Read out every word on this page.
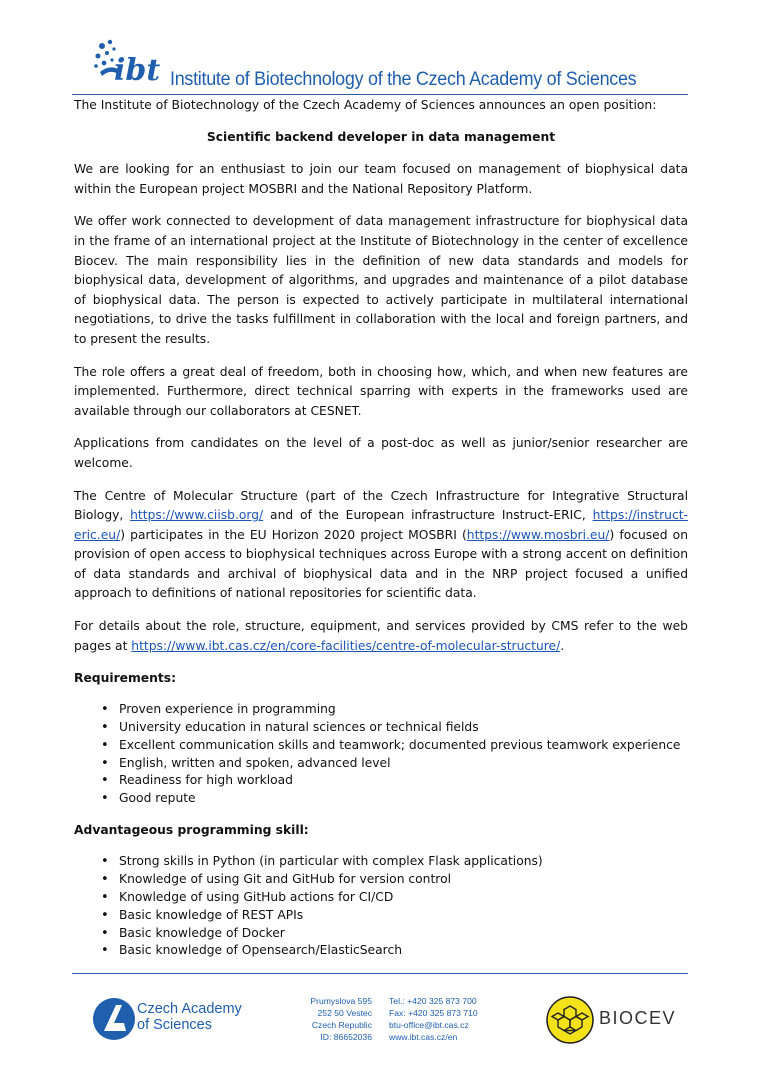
ibt Institute of Biotechnology of the Czech Academy of Sciences

The Institute of Biotechnology of the Czech Academy of Sciences announces an open position:

Scientific backend developer in data management

We are looking for an enthusiast to join our team focused on management of biophysical data within the European project MOSBRI and the National Repository Platform.

We offer work connected to development of data management infrastructure for biophysical data in the frame of an international project at the Institute of Biotechnology in the center of excellence Biocev. The main responsibility lies in the definition of new data standards and models for biophysical data, development of algorithms, and upgrades and maintenance of a pilot database of biophysical data. The person is expected to actively participate in multilateral international negotiations, to drive the tasks fulfillment in collaboration with the local and foreign partners, and to present the results.

The role offers a great deal of freedom, both in choosing how, which, and when new features are implemented. Furthermore, direct technical sparring with experts in the frameworks used are available through our collaborators at CESNET.

Applications from candidates on the level of a post-doc as well as junior/senior researcher are welcome.

The Centre of Molecular Structure (part of the Czech Infrastructure for Integrative Structural Biology, https://www.ciisb.org/ and of the European infrastructure Instruct-ERIC, https://instruct-eric.eu/) participates in the EU Horizon 2020 project MOSBRI (https://www.mosbri.eu/) focused on provision of open access to biophysical techniques across Europe with a strong accent on definition of data standards and archival of biophysical data and in the NRP project focused a unified approach to definitions of national repositories for scientific data.

For details about the role, structure, equipment, and services provided by CMS refer to the web pages at https://www.ibt.cas.cz/en/core-facilities/centre-of-molecular-structure/.

Requirements:

• Proven experience in programming
• University education in natural sciences or technical fields
• Excellent communication skills and teamwork; documented previous teamwork experience
• English, written and spoken, advanced level
• Readiness for high workload
• Good repute

Advantageous programming skill:

• Strong skills in Python (in particular with complex Flask applications)
• Knowledge of using Git and GitHub for version control
• Knowledge of using GitHub actions for CI/CD
• Basic knowledge of REST APIs
• Basic knowledge of Docker
• Basic knowledge of Opensearch/ElasticSearch
Czech Academy
of Sciences
Prumyslova 595
252 50 Vestec
Czech Republic
ID: 86652036
Tel.: +420 325 873 700
Fax: +420 325 873 710
btu-office@ibt.cas.cz
www.ibt.cas.cz/en
BIOCEV
